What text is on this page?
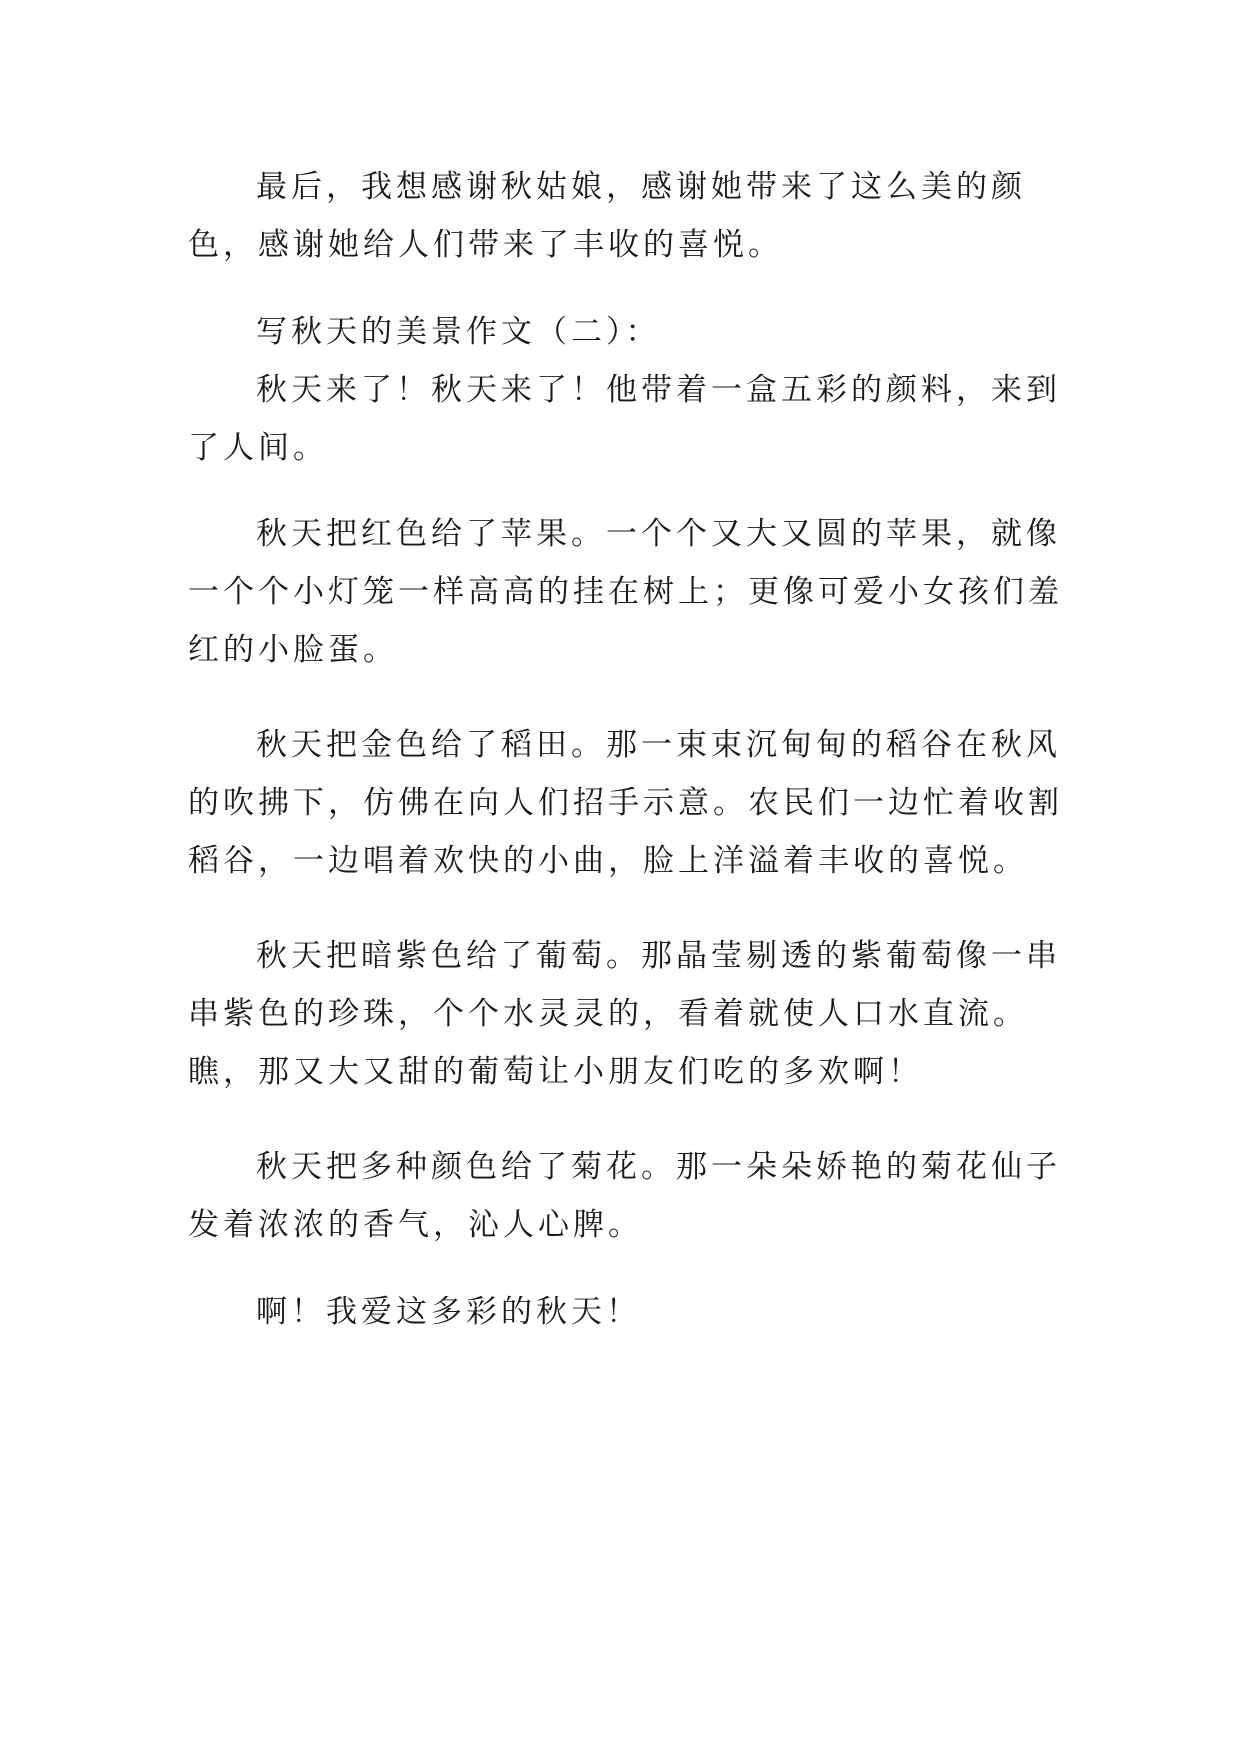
最后，我想感谢秋姑娘，感谢她带来了这么美的颜色，感谢她给人们带来了丰收的喜悦。

写秋天的美景作文（二）：

秋天来了！秋天来了！他带着一盒五彩的颜料，来到了人间。

秋天把红色给了苹果。一个个又大又圆的苹果，就像一个个小灯笼一样高高的挂在树上；更像可爱小女孩们羞红的小脸蛋。

秋天把金色给了稻田。那一束束沉甸甸的稻谷在秋风的吹拂下，仿佛在向人们招手示意。农民们一边忙着收割稻谷，一边唱着欢快的小曲，脸上洋溢着丰收的喜悦。

秋天把暗紫色给了葡萄。那晶莹剔透的紫葡萄像一串串紫色的珍珠，个个水灵灵的，看着就使人口水直流。瞧，那又大又甜的葡萄让小朋友们吃的多欢啊！

秋天把多种颜色给了菊花。那一朵朵娇艳的菊花仙子发着浓浓的香气，沁人心脾。

啊！我爱这多彩的秋天！
